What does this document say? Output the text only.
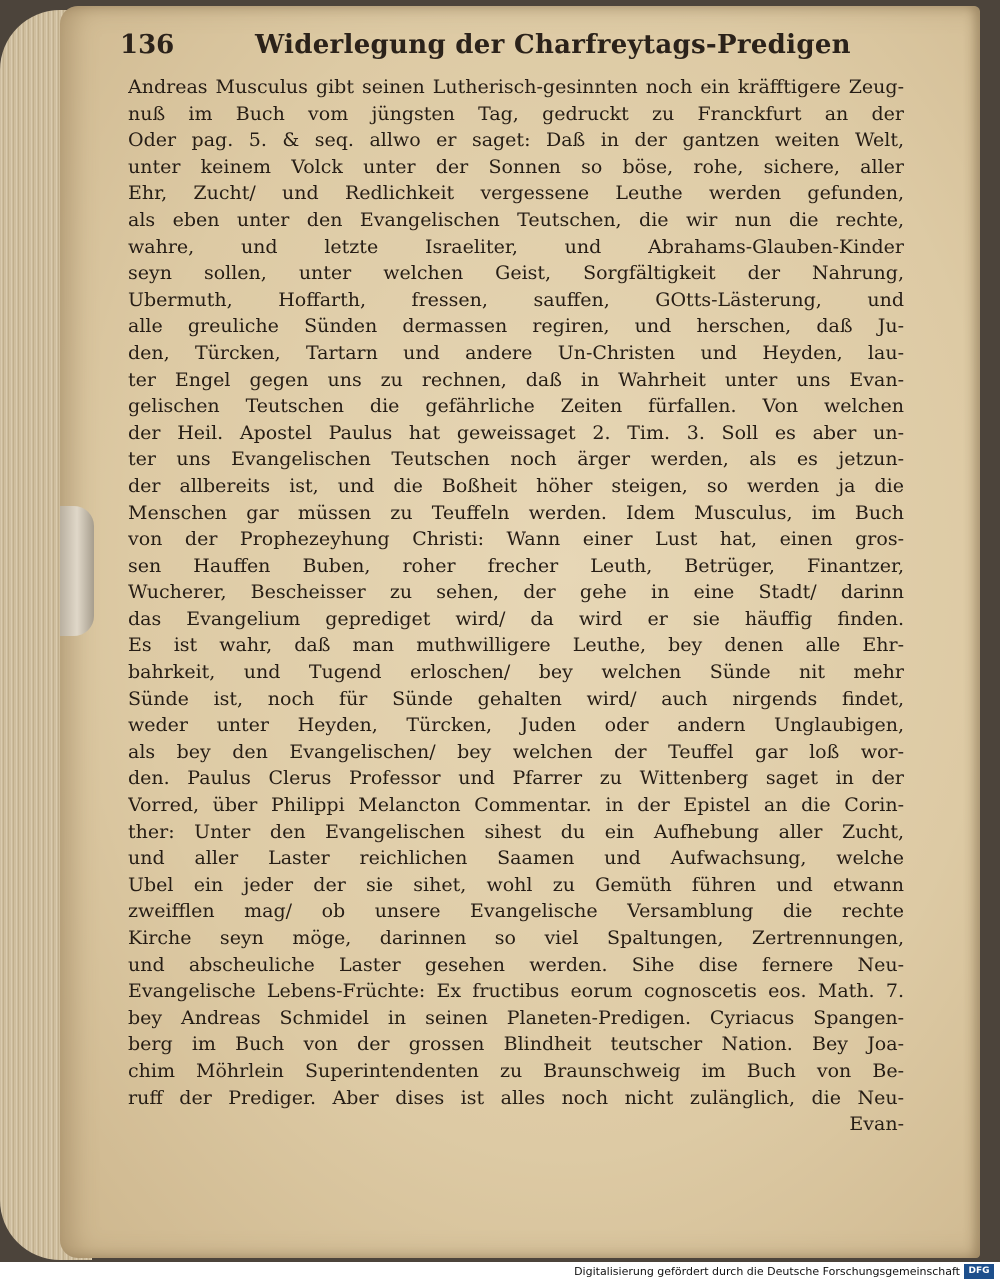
136	Widerlegung der Charfreytags-Predigen
Andreas Musculus gibt seinen Lutherisch-gesinnten noch ein kräfftigere Zeug-
nuß im Buch vom jüngsten Tag, gedruckt zu Franckfurt an der
Oder pag. 5. & seq. allwo er saget: Daß in der gantzen weiten Welt,
unter keinem Volck unter der Sonnen so böse, rohe, sichere, aller
Ehr, Zucht/ und Redlichkeit vergessene Leuthe werden gefunden,
als eben unter den Evangelischen Teutschen, die wir nun die rechte,
wahre, und letzte Israeliter, und Abrahams-Glauben-Kinder
seyn sollen, unter welchen Geist, Sorgfältigkeit der Nahrung,
Ubermuth, Hoffarth, fressen, sauffen, GOtts-Lästerung, und
alle greuliche Sünden dermassen regiren, und herschen, daß Ju-
den, Türcken, Tartarn und andere Un-Christen und Heyden, lau-
ter Engel gegen uns zu rechnen, daß in Wahrheit unter uns Evan-
gelischen Teutschen die gefährliche Zeiten fürfallen. Von welchen
der Heil. Apostel Paulus hat geweissaget 2. Tim. 3. Soll es aber un-
ter uns Evangelischen Teutschen noch ärger werden, als es jetzun-
der allbereits ist, und die Boßheit höher steigen, so werden ja die
Menschen gar müssen zu Teuffeln werden. Idem Musculus, im Buch
von der Prophezeyhung Christi: Wann einer Lust hat, einen gros-
sen Hauffen Buben, roher frecher Leuth, Betrüger, Finantzer,
Wucherer, Bescheisser zu sehen, der gehe in eine Stadt/ darinn
das Evangelium geprediget wird/ da wird er sie häuffig finden.
Es ist wahr, daß man muthwilligere Leuthe, bey denen alle Ehr-
bahrkeit, und Tugend erloschen/ bey welchen Sünde nit mehr
Sünde ist, noch für Sünde gehalten wird/ auch nirgends findet,
weder unter Heyden, Türcken, Juden oder andern Unglaubigen,
als bey den Evangelischen/ bey welchen der Teuffel gar loß wor-
den. Paulus Clerus Professor und Pfarrer zu Wittenberg saget in der
Vorred, über Philippi Melancton Commentar. in der Epistel an die Corin-
ther: Unter den Evangelischen sihest du ein Aufhebung aller Zucht,
und aller Laster reichlichen Saamen und Aufwachsung, welche
Ubel ein jeder der sie sihet, wohl zu Gemüth führen und etwann
zweifflen mag/ ob unsere Evangelische Versamblung die rechte
Kirche seyn möge, darinnen so viel Spaltungen, Zertrennungen,
und abscheuliche Laster gesehen werden. Sihe dise fernere Neu-
Evangelische Lebens-Früchte: Ex fructibus eorum cognoscetis eos. Math. 7.
bey Andreas Schmidel in seinen Planeten-Predigen. Cyriacus Spangen-
berg im Buch von der grossen Blindheit teutscher Nation. Bey Joa-
chim Möhrlein Superintendenten zu Braunschweig im Buch von Be-
ruff der Prediger. Aber dises ist alles noch nicht zulänglich, die Neu-
Evan-
Digitalisierung gefördert durch die Deutsche Forschungsgemeinschaft DFG
